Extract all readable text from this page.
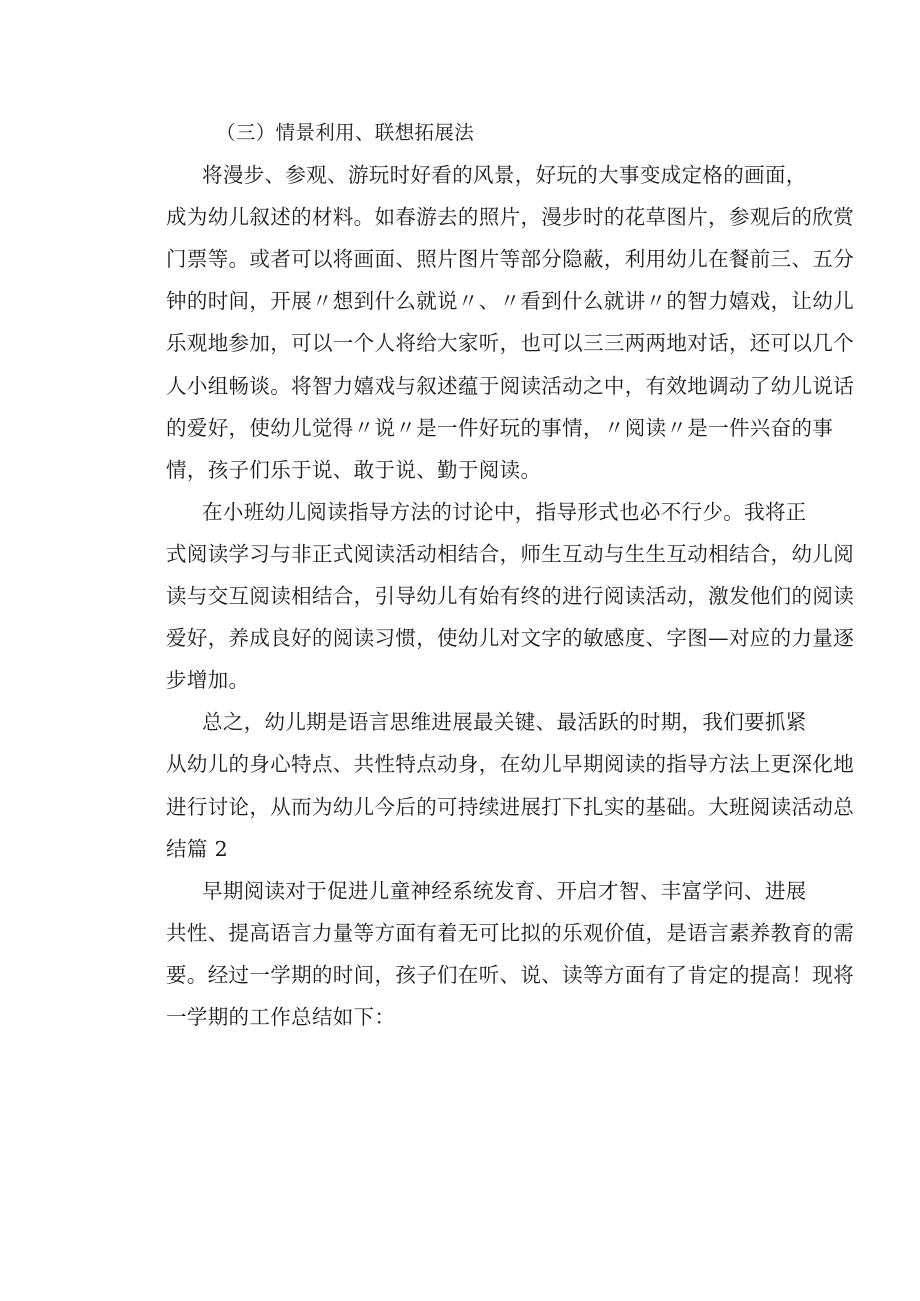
（三）情景利用、联想拓展法
将漫步、参观、游玩时好看的风景，好玩的大事变成定格的画面，
成为幼儿叙述的材料。如春游去的照片，漫步时的花草图片，参观后的欣赏
门票等。或者可以将画面、照片图片等部分隐蔽，利用幼儿在餐前三、五分
钟的时间，开展〃想到什么就说〃、〃看到什么就讲〃的智力嬉戏，让幼儿
乐观地参加，可以一个人将给大家听，也可以三三两两地对话，还可以几个
人小组畅谈。将智力嬉戏与叙述蕴于阅读活动之中，有效地调动了幼儿说话
的爱好，使幼儿觉得〃说〃是一件好玩的事情，〃阅读〃是一件兴奋的事
情，孩子们乐于说、敢于说、勤于阅读。
在小班幼儿阅读指导方法的讨论中，指导形式也必不行少。我将正
式阅读学习与非正式阅读活动相结合，师生互动与生生互动相结合，幼儿阅
读与交互阅读相结合，引导幼儿有始有终的进行阅读活动，激发他们的阅读
爱好，养成良好的阅读习惯，使幼儿对文字的敏感度、字图—对应的力量逐
步增加。
总之，幼儿期是语言思维进展最关键、最活跃的时期，我们要抓紧
从幼儿的身心特点、共性特点动身，在幼儿早期阅读的指导方法上更深化地
进行讨论，从而为幼儿今后的可持续进展打下扎实的基础。大班阅读活动总
结篇 2
早期阅读对于促进儿童神经系统发育、开启才智、丰富学问、进展
共性、提高语言力量等方面有着无可比拟的乐观价值，是语言素养教育的需
要。经过一学期的时间，孩子们在听、说、读等方面有了肯定的提高！现将
一学期的工作总结如下：
